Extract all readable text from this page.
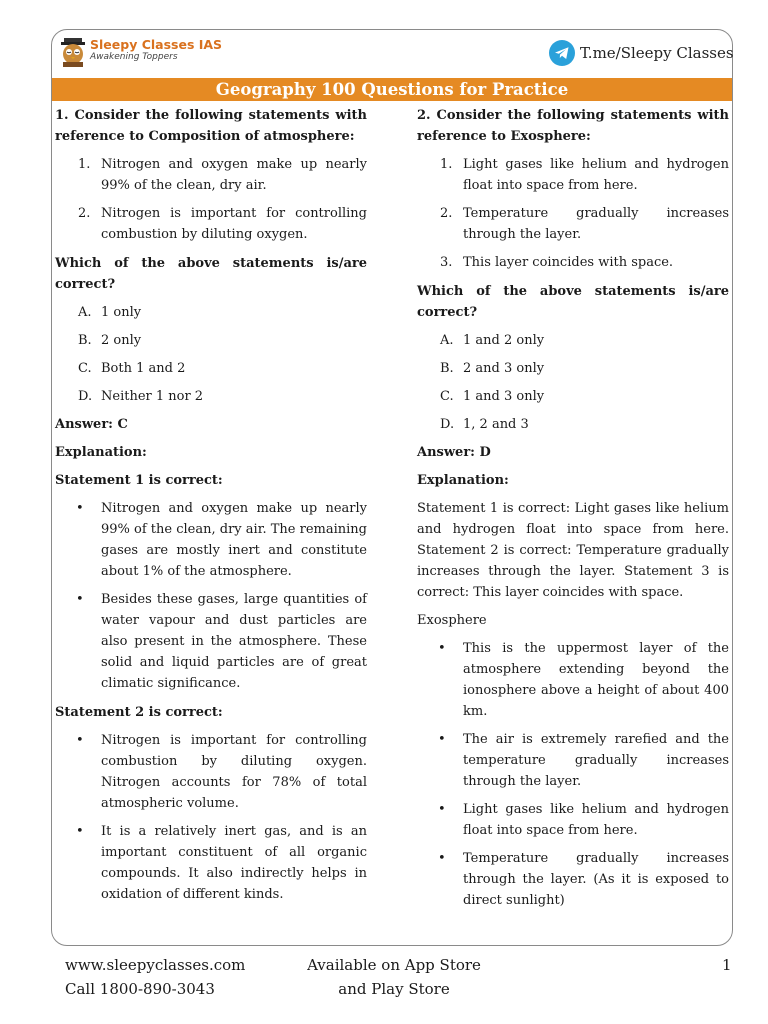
Sleepy Classes IAS
Awakening Toppers	T.me/Sleepy Classes
Geography 100 Questions for Practice
1. Consider the following statements with reference to Composition of atmosphere:
1. Nitrogen and oxygen make up nearly 99% of the clean, dry air.
2. Nitrogen is important for controlling combustion by diluting oxygen.
Which of the above statements is/are correct?
A. 1 only
B. 2 only
C. Both 1 and 2
D. Neither 1 nor 2

Answer: C

Explanation:

Statement 1 is correct:

• Nitrogen and oxygen make up nearly 99% of the clean, dry air. The remaining gases are mostly inert and constitute about 1% of the atmosphere.
• Besides these gases, large quantities of water vapour and dust particles are also present in the atmosphere. These solid and liquid particles are of great climatic significance.

Statement 2 is correct:

• Nitrogen is important for controlling combustion by diluting oxygen. Nitrogen accounts for 78% of total atmospheric volume.
• It is a relatively inert gas, and is an important constituent of all organic compounds. It also indirectly helps in oxidation of different kinds.
2. Consider the following statements with reference to Exosphere:
1. Light gases like helium and hydrogen float into space from here.
2. Temperature gradually increases through the layer.
3. This layer coincides with space.
Which of the above statements is/are correct?
A. 1 and 2 only
B. 2 and 3 only
C. 1 and 3 only
D. 1, 2 and 3

Answer: D

Explanation:

Statement 1 is correct: Light gases like helium and hydrogen float into space from here. Statement 2 is correct: Temperature gradually increases through the layer. Statement 3 is correct: This layer coincides with space.

Exosphere

• This is the uppermost layer of the atmosphere extending beyond the ionosphere above a height of about 400 km.
• The air is extremely rarefied and the temperature gradually increases through the layer.
• Light gases like helium and hydrogen float into space from here.
• Temperature gradually increases through the layer. (As it is exposed to direct sunlight)
www.sleepyclasses.com
Call 1800-890-3043
Available on App Store
and Play Store
1
